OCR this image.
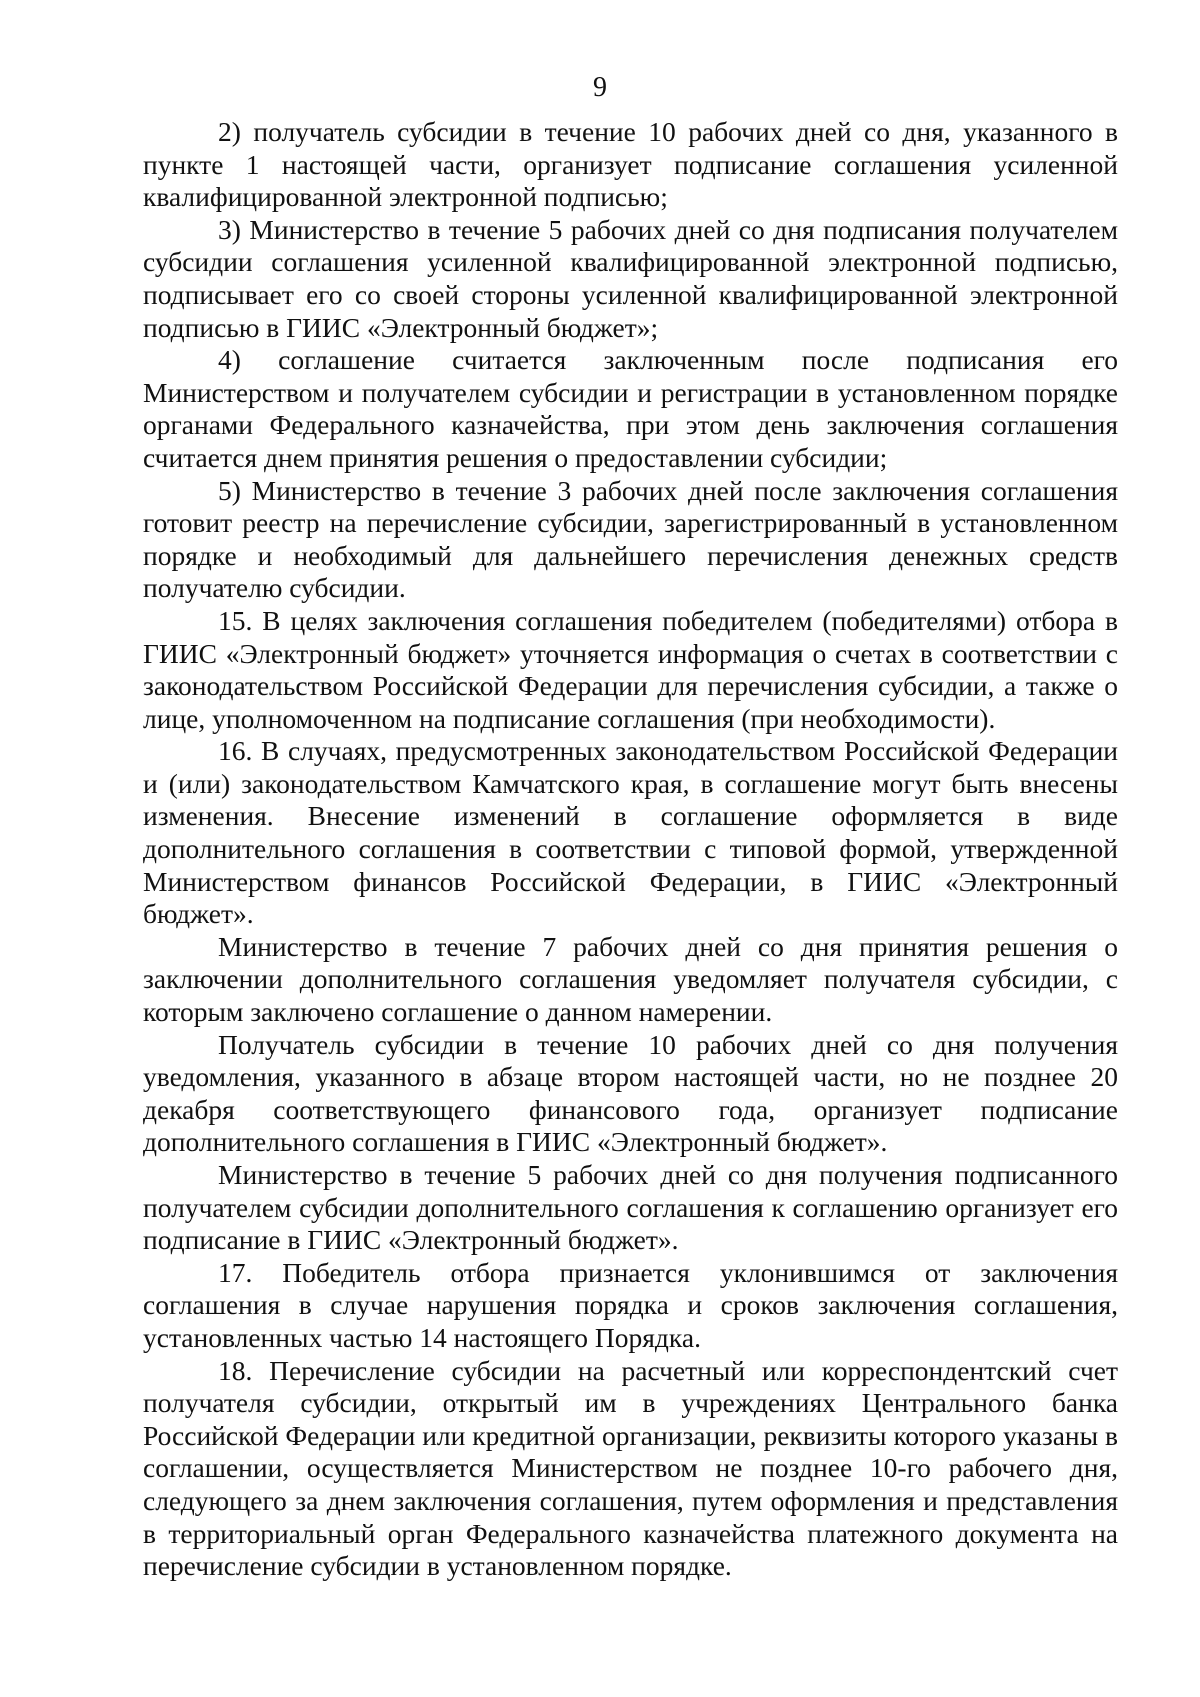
9

2) получатель субсидии в течение 10 рабочих дней со дня, указанного в пункте 1 настоящей части, организует подписание соглашения усиленной квалифицированной электронной подписью;

3) Министерство в течение 5 рабочих дней со дня подписания получателем субсидии соглашения усиленной квалифицированной электронной подписью, подписывает его со своей стороны усиленной квалифицированной электронной подписью в ГИИС «Электронный бюджет»;

4) соглашение считается заключенным после подписания его Министерством и получателем субсидии и регистрации в установленном порядке органами Федерального казначейства, при этом день заключения соглашения считается днем принятия решения о предоставлении субсидии;

5) Министерство в течение 3 рабочих дней после заключения соглашения готовит реестр на перечисление субсидии, зарегистрированный в установленном порядке и необходимый для дальнейшего перечисления денежных средств получателю субсидии.

15. В целях заключения соглашения победителем (победителями) отбора в ГИИС «Электронный бюджет» уточняется информация о счетах в соответствии с законодательством Российской Федерации для перечисления субсидии, а также о лице, уполномоченном на подписание соглашения (при необходимости).

16. В случаях, предусмотренных законодательством Российской Федерации и (или) законодательством Камчатского края, в соглашение могут быть внесены изменения. Внесение изменений в соглашение оформляется в виде дополнительного соглашения в соответствии с типовой формой, утвержденной Министерством финансов Российской Федерации, в ГИИС «Электронный бюджет».

Министерство в течение 7 рабочих дней со дня принятия решения о заключении дополнительного соглашения уведомляет получателя субсидии, с которым заключено соглашение о данном намерении.

Получатель субсидии в течение 10 рабочих дней со дня получения уведомления, указанного в абзаце втором настоящей части, но не позднее 20 декабря соответствующего финансового года, организует подписание дополнительного соглашения в ГИИС «Электронный бюджет».

Министерство в течение 5 рабочих дней со дня получения подписанного получателем субсидии дополнительного соглашения к соглашению организует его подписание в ГИИС «Электронный бюджет».

17. Победитель отбора признается уклонившимся от заключения соглашения в случае нарушения порядка и сроков заключения соглашения, установленных частью 14 настоящего Порядка.

18. Перечисление субсидии на расчетный или корреспондентский счет получателя субсидии, открытый им в учреждениях Центрального банка Российской Федерации или кредитной организации, реквизиты которого указаны в соглашении, осуществляется Министерством не позднее 10-го рабочего дня, следующего за днем заключения соглашения, путем оформления и представления в территориальный орган Федерального казначейства платежного документа на перечисление субсидии в установленном порядке.
